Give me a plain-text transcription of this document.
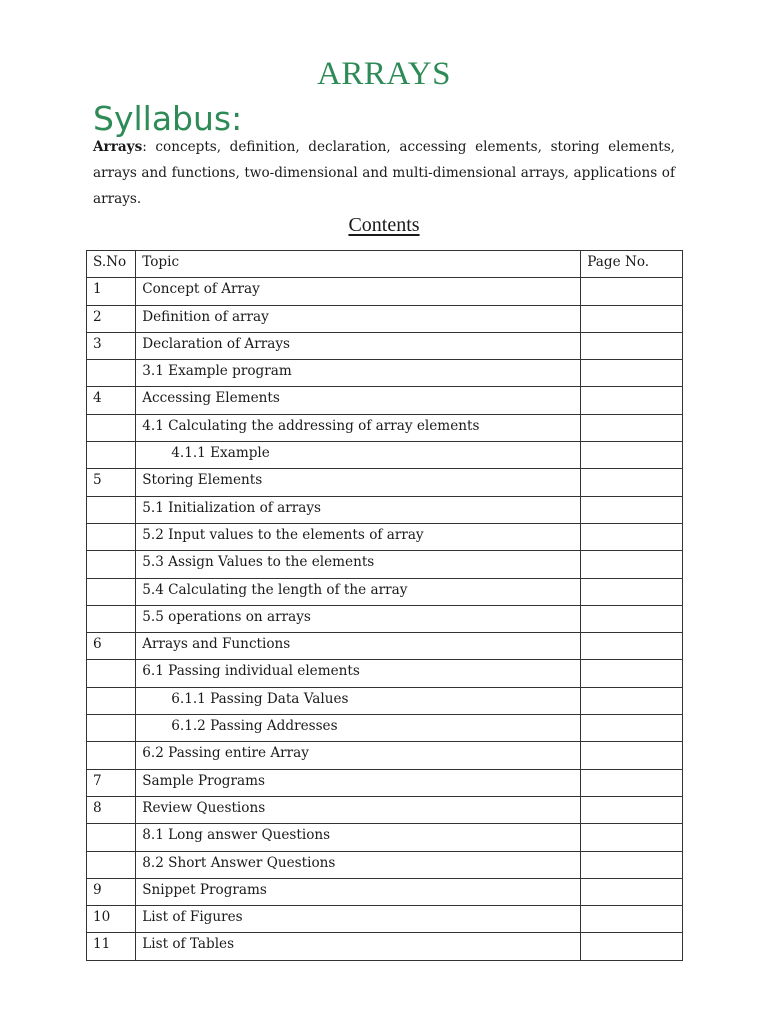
ARRAYS
Syllabus:
Arrays: concepts, definition, declaration, accessing elements, storing elements, arrays and functions, two-dimensional and multi-dimensional arrays, applications of arrays.
Contents
S.No	Topic	Page No.
1	Concept of Array	
2	Definition of array	
3	Declaration of Arrays	
	3.1 Example program	
4	Accessing Elements	
	4.1 Calculating the addressing of array elements	
	4.1.1 Example	
5	Storing Elements	
	5.1 Initialization of arrays	
	5.2 Input values to the elements of array	
	5.3 Assign Values to the elements	
	5.4 Calculating the length of the array	
	5.5 operations on arrays	
6	Arrays and Functions	
	6.1 Passing individual elements	
	6.1.1 Passing Data Values	
	6.1.2 Passing Addresses	
	6.2 Passing entire Array	
7	Sample Programs	
8	Review Questions	
	8.1 Long answer Questions	
	8.2 Short Answer Questions	
9	Snippet Programs	
10	List of Figures	
11	List of Tables	
